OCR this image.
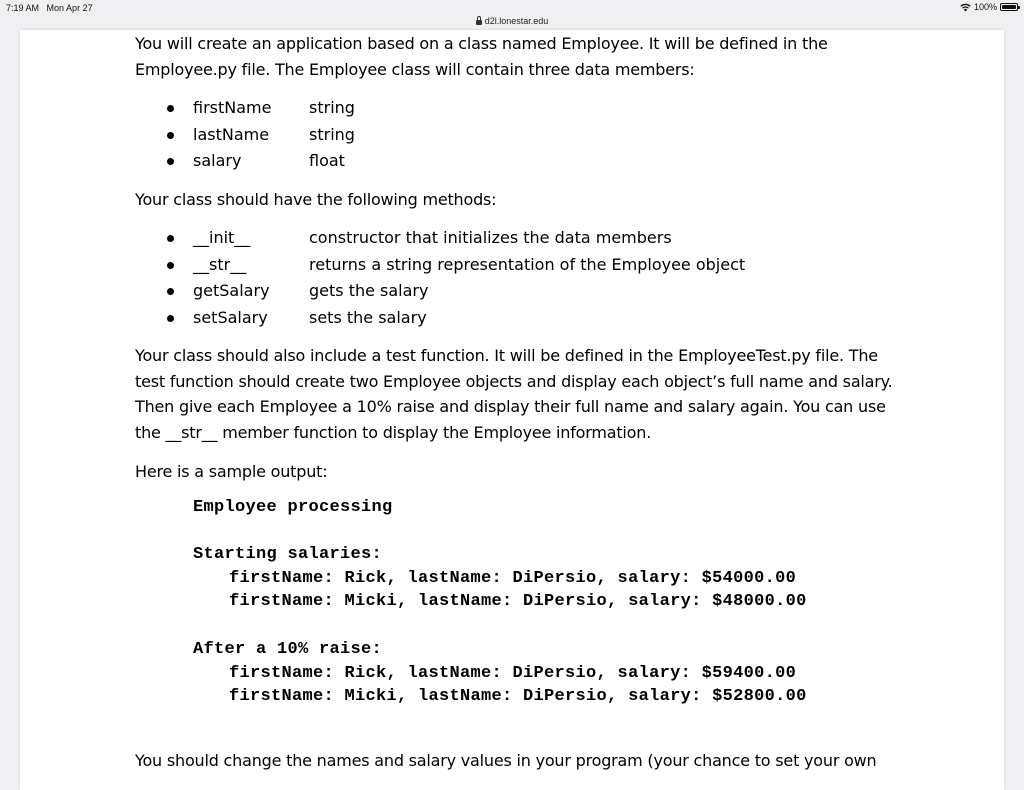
7:19 AM Mon Apr 27	100%
d2l.lonestar.edu

You will create an application based on a class named Employee. It will be defined in the Employee.py file. The Employee class will contain three data members:

firstName string
lastName string
salary	float

Your class should have the following methods:

__init__	constructor that initializes the data members
__str__	returns a string representation of the Employee object
getSalary gets the salary
setSalary	sets the salary

Your class should also include a test function. It will be defined in the EmployeeTest.py file. The test function should create two Employee objects and display each object’s full name and salary. Then give each Employee a 10% raise and display their full name and salary again. You can use the __str__ member function to display the Employee information.

Here is a sample output:

Employee processing
Starting salaries:
firstName: Rick, lastName: DiPersio, salary: $54000.00
firstName: Micki, lastName: DiPersio, salary: $48000.00
After a 10% raise:
firstName: Rick, lastName: DiPersio, salary: $59400.00
firstName: Micki, lastName: DiPersio, salary: $52800.00

You should change the names and salary values in your program (your chance to set your own
